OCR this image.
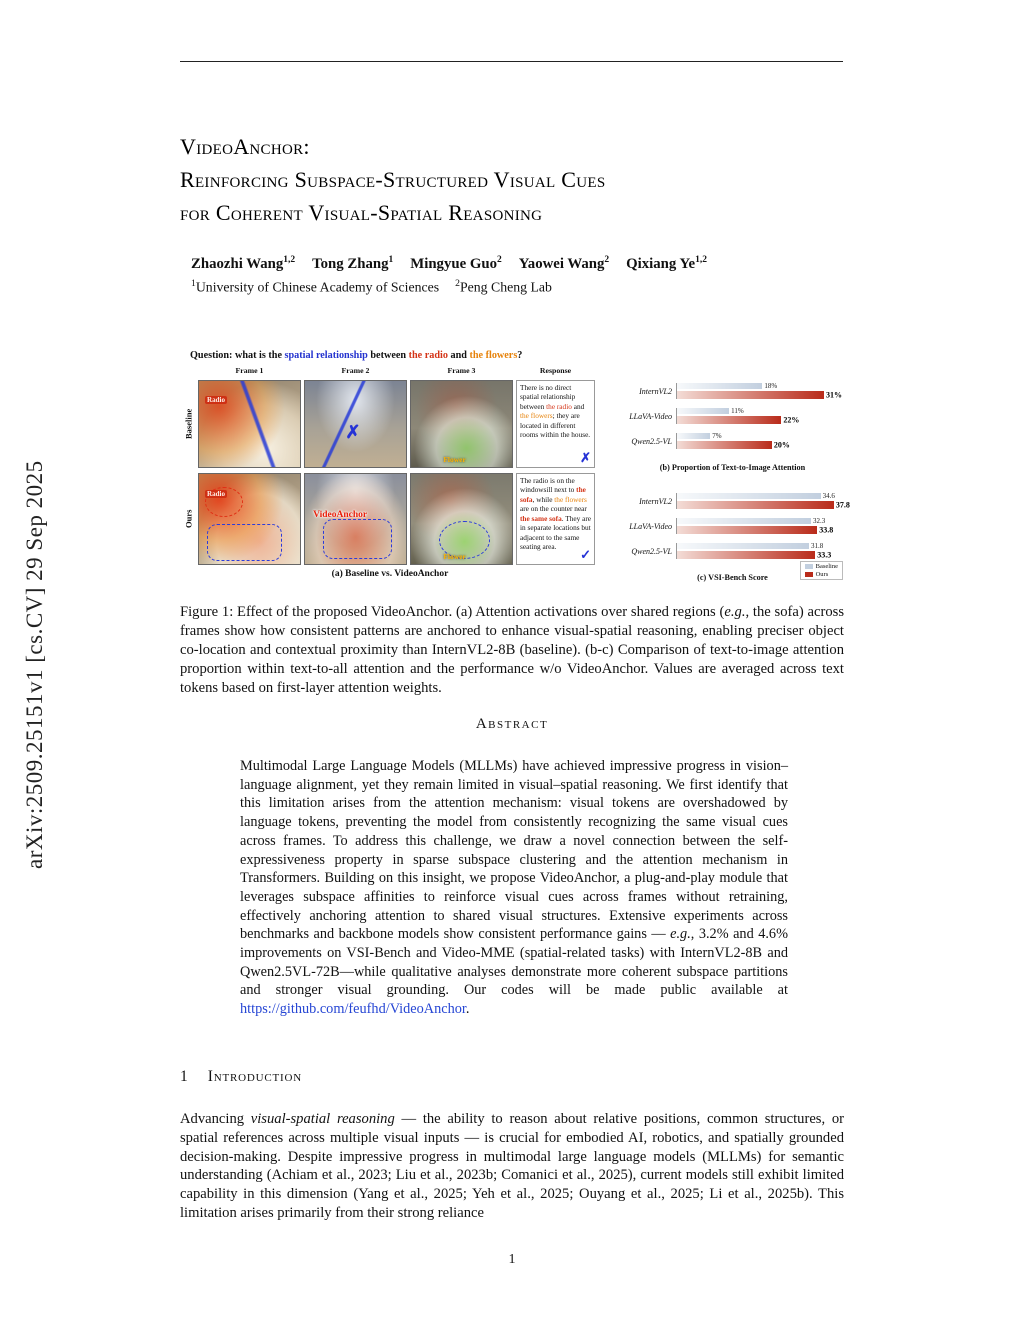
arXiv:2509.25151v1 [cs.CV] 29 Sep 2025
VideoAnchor:
Reinforcing Subspace-Structured Visual Cues
for Coherent Visual-Spatial Reasoning
Zhaozhi Wang$^{1,2}$ Tong Zhang$^1$ Mingyue Guo$^2$ Yaowei Wang$^2$ Qixiang Ye$^{1,2}$
$^1$University of Chinese Academy of Sciences $^2$Peng Cheng Lab
Question: what is the spatial relationship between the radio and the flowers?
Frame 1	Frame 2	Frame 3	Response
Baseline
Radio
✗
Flower
There is no direct spatial relationship between the radio and the flowers; they are located in different rooms within the house.
✗
Ours
Radio
VideoAnchor
Flower
The radio is on the windowsill next to the sofa, while the flowers are on the counter near the same sofa. They are in separate locations but adjacent to the same seating area.
✓
(a) Baseline vs. VideoAnchor
InternVL2
18%
31%
LLaVA-Video
11%
22%
Qwen2.5-VL
7%
20%
(b) Proportion of Text-to-Image Attention
InternVL2
34.6
37.8
LLaVA-Video
32.3
33.8
Qwen2.5-VL
31.8
33.3
(c) VSI-Bench Score
Baseline
Ours
Figure 1: Effect of the proposed VideoAnchor. (a) Attention activations over shared regions (e.g., the sofa) across frames show how consistent patterns are anchored to enhance visual-spatial reasoning, enabling preciser object co-location and contextual proximity than InternVL2-8B (baseline). (b-c) Comparison of text-to-image attention proportion within text-to-all attention and the performance w/o VideoAnchor. Values are averaged across text tokens based on first-layer attention weights.
Abstract
Multimodal Large Language Models (MLLMs) have achieved impressive progress in vision–language alignment, yet they remain limited in visual–spatial reasoning. We first identify that this limitation arises from the attention mechanism: visual tokens are overshadowed by language tokens, preventing the model from consistently recognizing the same visual cues across frames. To address this challenge, we draw a novel connection between the self-expressiveness property in sparse subspace clustering and the attention mechanism in Transformers. Building on this insight, we propose VideoAnchor, a plug-and-play module that leverages subspace affinities to reinforce visual cues across frames without retraining, effectively anchoring attention to shared visual structures. Extensive experiments across benchmarks and backbone models show consistent performance gains — e.g., 3.2% and 4.6% improvements on VSI-Bench and Video-MME (spatial-related tasks) with InternVL2-8B and Qwen2.5VL-72B—while qualitative analyses demonstrate more coherent subspace partitions and stronger visual grounding. Our codes will be made public available at https://github.com/feufhd/VideoAnchor.
1 Introduction
Advancing visual-spatial reasoning — the ability to reason about relative positions, common structures, or spatial references across multiple visual inputs — is crucial for embodied AI, robotics, and spatially grounded decision-making. Despite impressive progress in multimodal large language models (MLLMs) for semantic understanding (Achiam et al., 2023; Liu et al., 2023b; Comanici et al., 2025), current models still exhibit limited capability in this dimension (Yang et al., 2025; Yeh et al., 2025; Ouyang et al., 2025; Li et al., 2025b). This limitation arises primarily from their strong reliance
1
